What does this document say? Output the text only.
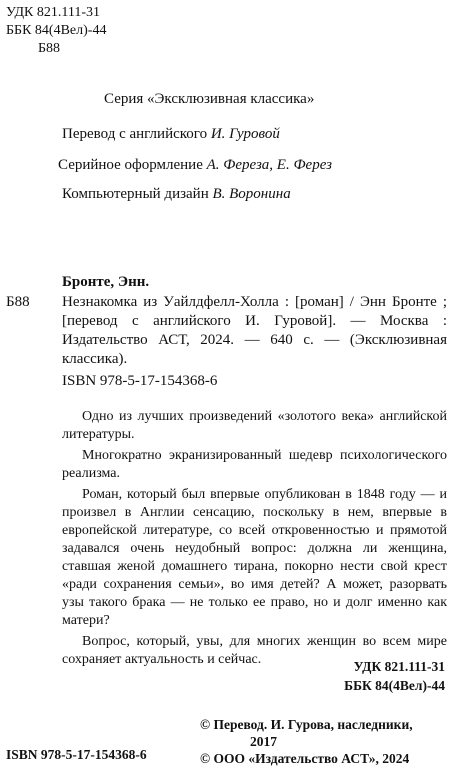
УДК 821.111-31
ББК 84(4Вел)-44
Б88
Серия «Эксклюзивная классика»
Перевод с английского И. Гуровой
Серийное оформление А. Фереза, Е. Ферез
Компьютерный дизайн В. Воронина
Бронте, Энн.
Б88 Незнакомка из Уайлдфелл-Холла : [роман] / Энн Бронте ; [перевод с английского И. Гуровой]. — Москва : Издательство АСТ, 2024. — 640 с. — (Эксклюзивная классика).
ISBN 978-5-17-154368-6

Одно из лучших произведений «золотого века» английской литературы.

Многократно экранизированный шедевр психологического реализма.

Роман, который был впервые опубликован в 1848 году — и произвел в Англии сенсацию, поскольку в нем, впервые в европейской литературе, со всей откровенностью и прямотой задавался очень неудобный вопрос: должна ли женщина, ставшая женой домашнего тирана, покорно нести свой крест «ради сохранения семьи», во имя детей? А может, разорвать узы такого брака — не только ее право, но и долг именно как матери?

Вопрос, который, увы, для многих женщин во всем мире сохраняет актуальность и сейчас.	УДК 821.111-31
ББК 84(4Вел)-44
© Перевод. И. Гурова, наследники,
2017
© ООО «Издательство АСТ», 2024
ISBN 978-5-17-154368-6
